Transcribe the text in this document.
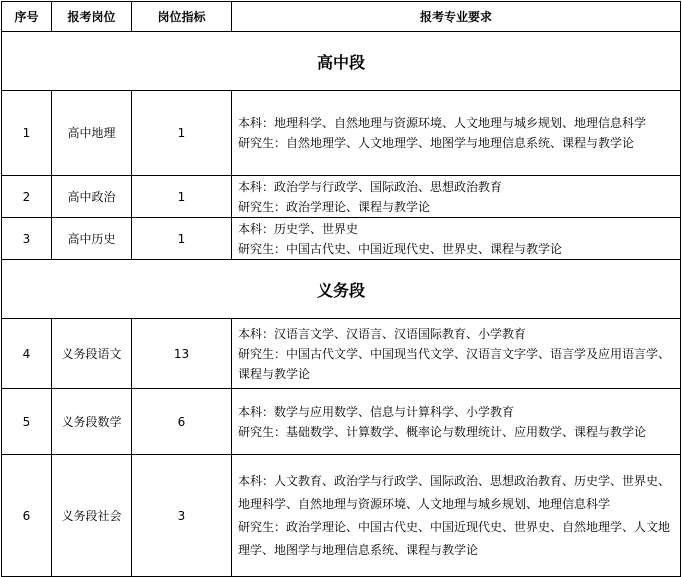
序号	报考岗位	岗位指标	报考专业要求
高中段			
1	高中地理	1	本科：地理科学、自然地理与资源环境、人文地理与城乡规划、地理信息科学
研究生：自然地理学、人文地理学、地图学与地理信息系统、课程与教学论

2	高中政治	1	本科：政治学与行政学、国际政治、思想政治教育
研究生：政治学理论、课程与教学论

3	高中历史	1	本科：历史学、世界史
研究生：中国古代史、中国近现代史、世界史、课程与教学论

义务段			
4	义务段语文	13	本科：汉语言文学、汉语言、汉语国际教育、小学教育
研究生：中国古代文学、中国现当代文学、汉语言文字学、语言学及应用语言学、课程与教学论

5	义务段数学	6	本科：数学与应用数学、信息与计算科学、小学教育
研究生：基础数学、计算数学、概率论与数理统计、应用数学、课程与教学论

6	义务段社会	3	本科：人文教育、政治学与行政学、国际政治、思想政治教育、历史学、世界史、地理科学、自然地理与资源环境、人文地理与城乡规划、地理信息科学
研究生：政治学理论、中国古代史、中国近现代史、世界史、自然地理学、人文地理学、地图学与地理信息系统、课程与教学论
